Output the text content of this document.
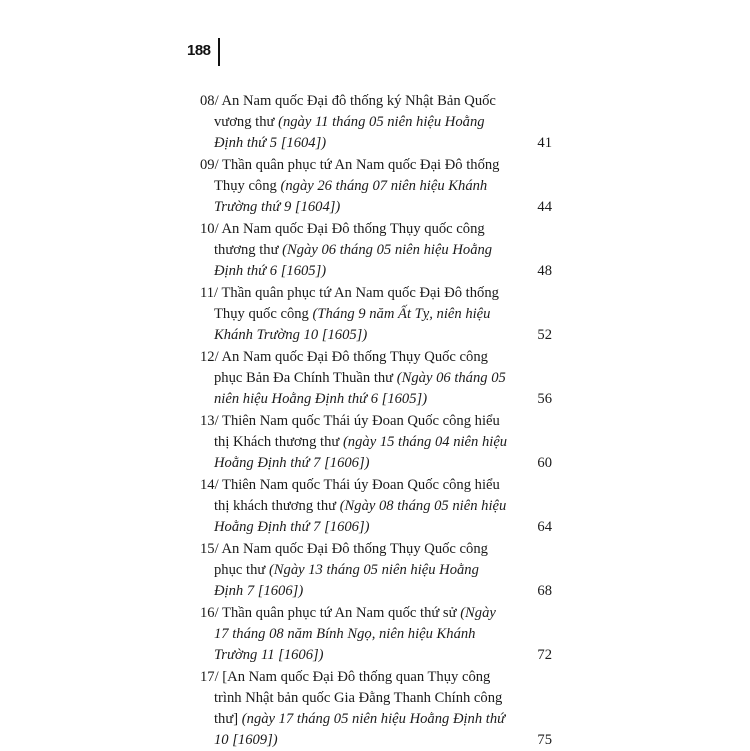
188
08/ An Nam quốc Đại đô thống ký Nhật Bản Quốc vương thư (ngày 11 tháng 05 niên hiệu Hoằng Định thứ 5 [1604])	41
09/ Thần quân phục tứ An Nam quốc Đại Đô thống Thụy công (ngày 26 tháng 07 niên hiệu Khánh Trường thứ 9 [1604])	44
10/ An Nam quốc Đại Đô thống Thụy quốc công thương thư (Ngày 06 tháng 05 niên hiệu Hoằng Định thứ 6 [1605])	48
11/ Thần quân phục tứ An Nam quốc Đại Đô thống Thụy quốc công (Tháng 9 năm Ất Tỵ, niên hiệu Khánh Trường 10 [1605])	52
12/ An Nam quốc Đại Đô thống Thụy Quốc công phục Bản Đa Chính Thuần thư (Ngày 06 tháng 05 niên hiệu Hoằng Định thứ 6 [1605])	56
13/ Thiên Nam quốc Thái úy Đoan Quốc công hiểu thị Khách thương thư (ngày 15 tháng 04 niên hiệu Hoằng Định thứ 7 [1606])	60
14/ Thiên Nam quốc Thái úy Đoan Quốc công hiểu thị khách thương thư (Ngày 08 tháng 05 niên hiệu Hoằng Định thứ 7 [1606])	64
15/ An Nam quốc Đại Đô thống Thụy Quốc công phục thư (Ngày 13 tháng 05 niên hiệu Hoằng Định 7 [1606])	68
16/ Thần quân phục tứ An Nam quốc thứ sử (Ngày 17 tháng 08 năm Bính Ngọ, niên hiệu Khánh Trường 11 [1606])	72
17/ [An Nam quốc Đại Đô thống quan Thụy công trình Nhật bản quốc Gia Đằng Thanh Chính công thư] (ngày 17 tháng 05 niên hiệu Hoằng Định thứ 10 [1609])	75
